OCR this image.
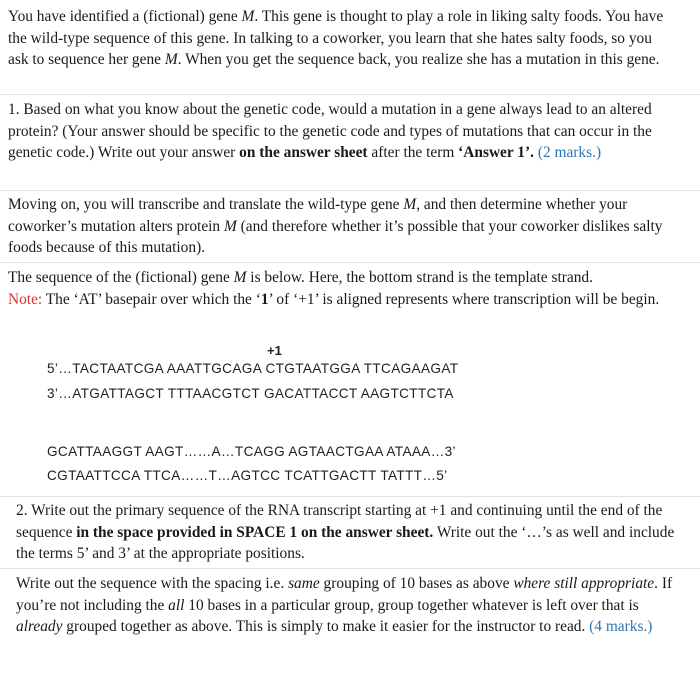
You have identified a (fictional) gene M. This gene is thought to play a role in liking salty foods. You have the wild-type sequence of this gene. In talking to a coworker, you learn that she hates salty foods, so you ask to sequence her gene M. When you get the sequence back, you realize she has a mutation in this gene.

1. Based on what you know about the genetic code, would a mutation in a gene always lead to an altered protein? (Your answer should be specific to the genetic code and types of mutations that can occur in the genetic code.) Write out your answer on the answer sheet after the term ‘Answer 1’. (2 marks.)

Moving on, you will transcribe and translate the wild-type gene M, and then determine whether your coworker’s mutation alters protein M (and therefore whether it’s possible that your coworker dislikes salty foods because of this mutation).

The sequence of the (fictional) gene M is below. Here, the bottom strand is the template strand.
Note: The ‘AT’ basepair over which the ‘1’ of ‘+1’ is aligned represents where transcription will be begin.

+1
5’…TACTAATCGA AAATTGCAGA CTGTAATGGA TTCAGAAGAT
3’…ATGATTAGCT TTTAACGTCT GACATTACCT AAGTCTTCTA
GCATTAAGGT AAGT……A…TCAGG AGTAACTGAA ATAAA…3’
CGTAATTCCA TTCA……T…AGTCC TCATTGACTT TATTT…5’

2. Write out the primary sequence of the RNA transcript starting at +1 and continuing until the end of the sequence in the space provided in SPACE 1 on the answer sheet. Write out the ‘…’s as well and include the terms 5’ and 3’ at the appropriate positions.

Write out the sequence with the spacing i.e. same grouping of 10 bases as above where still appropriate. If you’re not including the all 10 bases in a particular group, group together whatever is left over that is already grouped together as above. This is simply to make it easier for the instructor to read. (4 marks.)
